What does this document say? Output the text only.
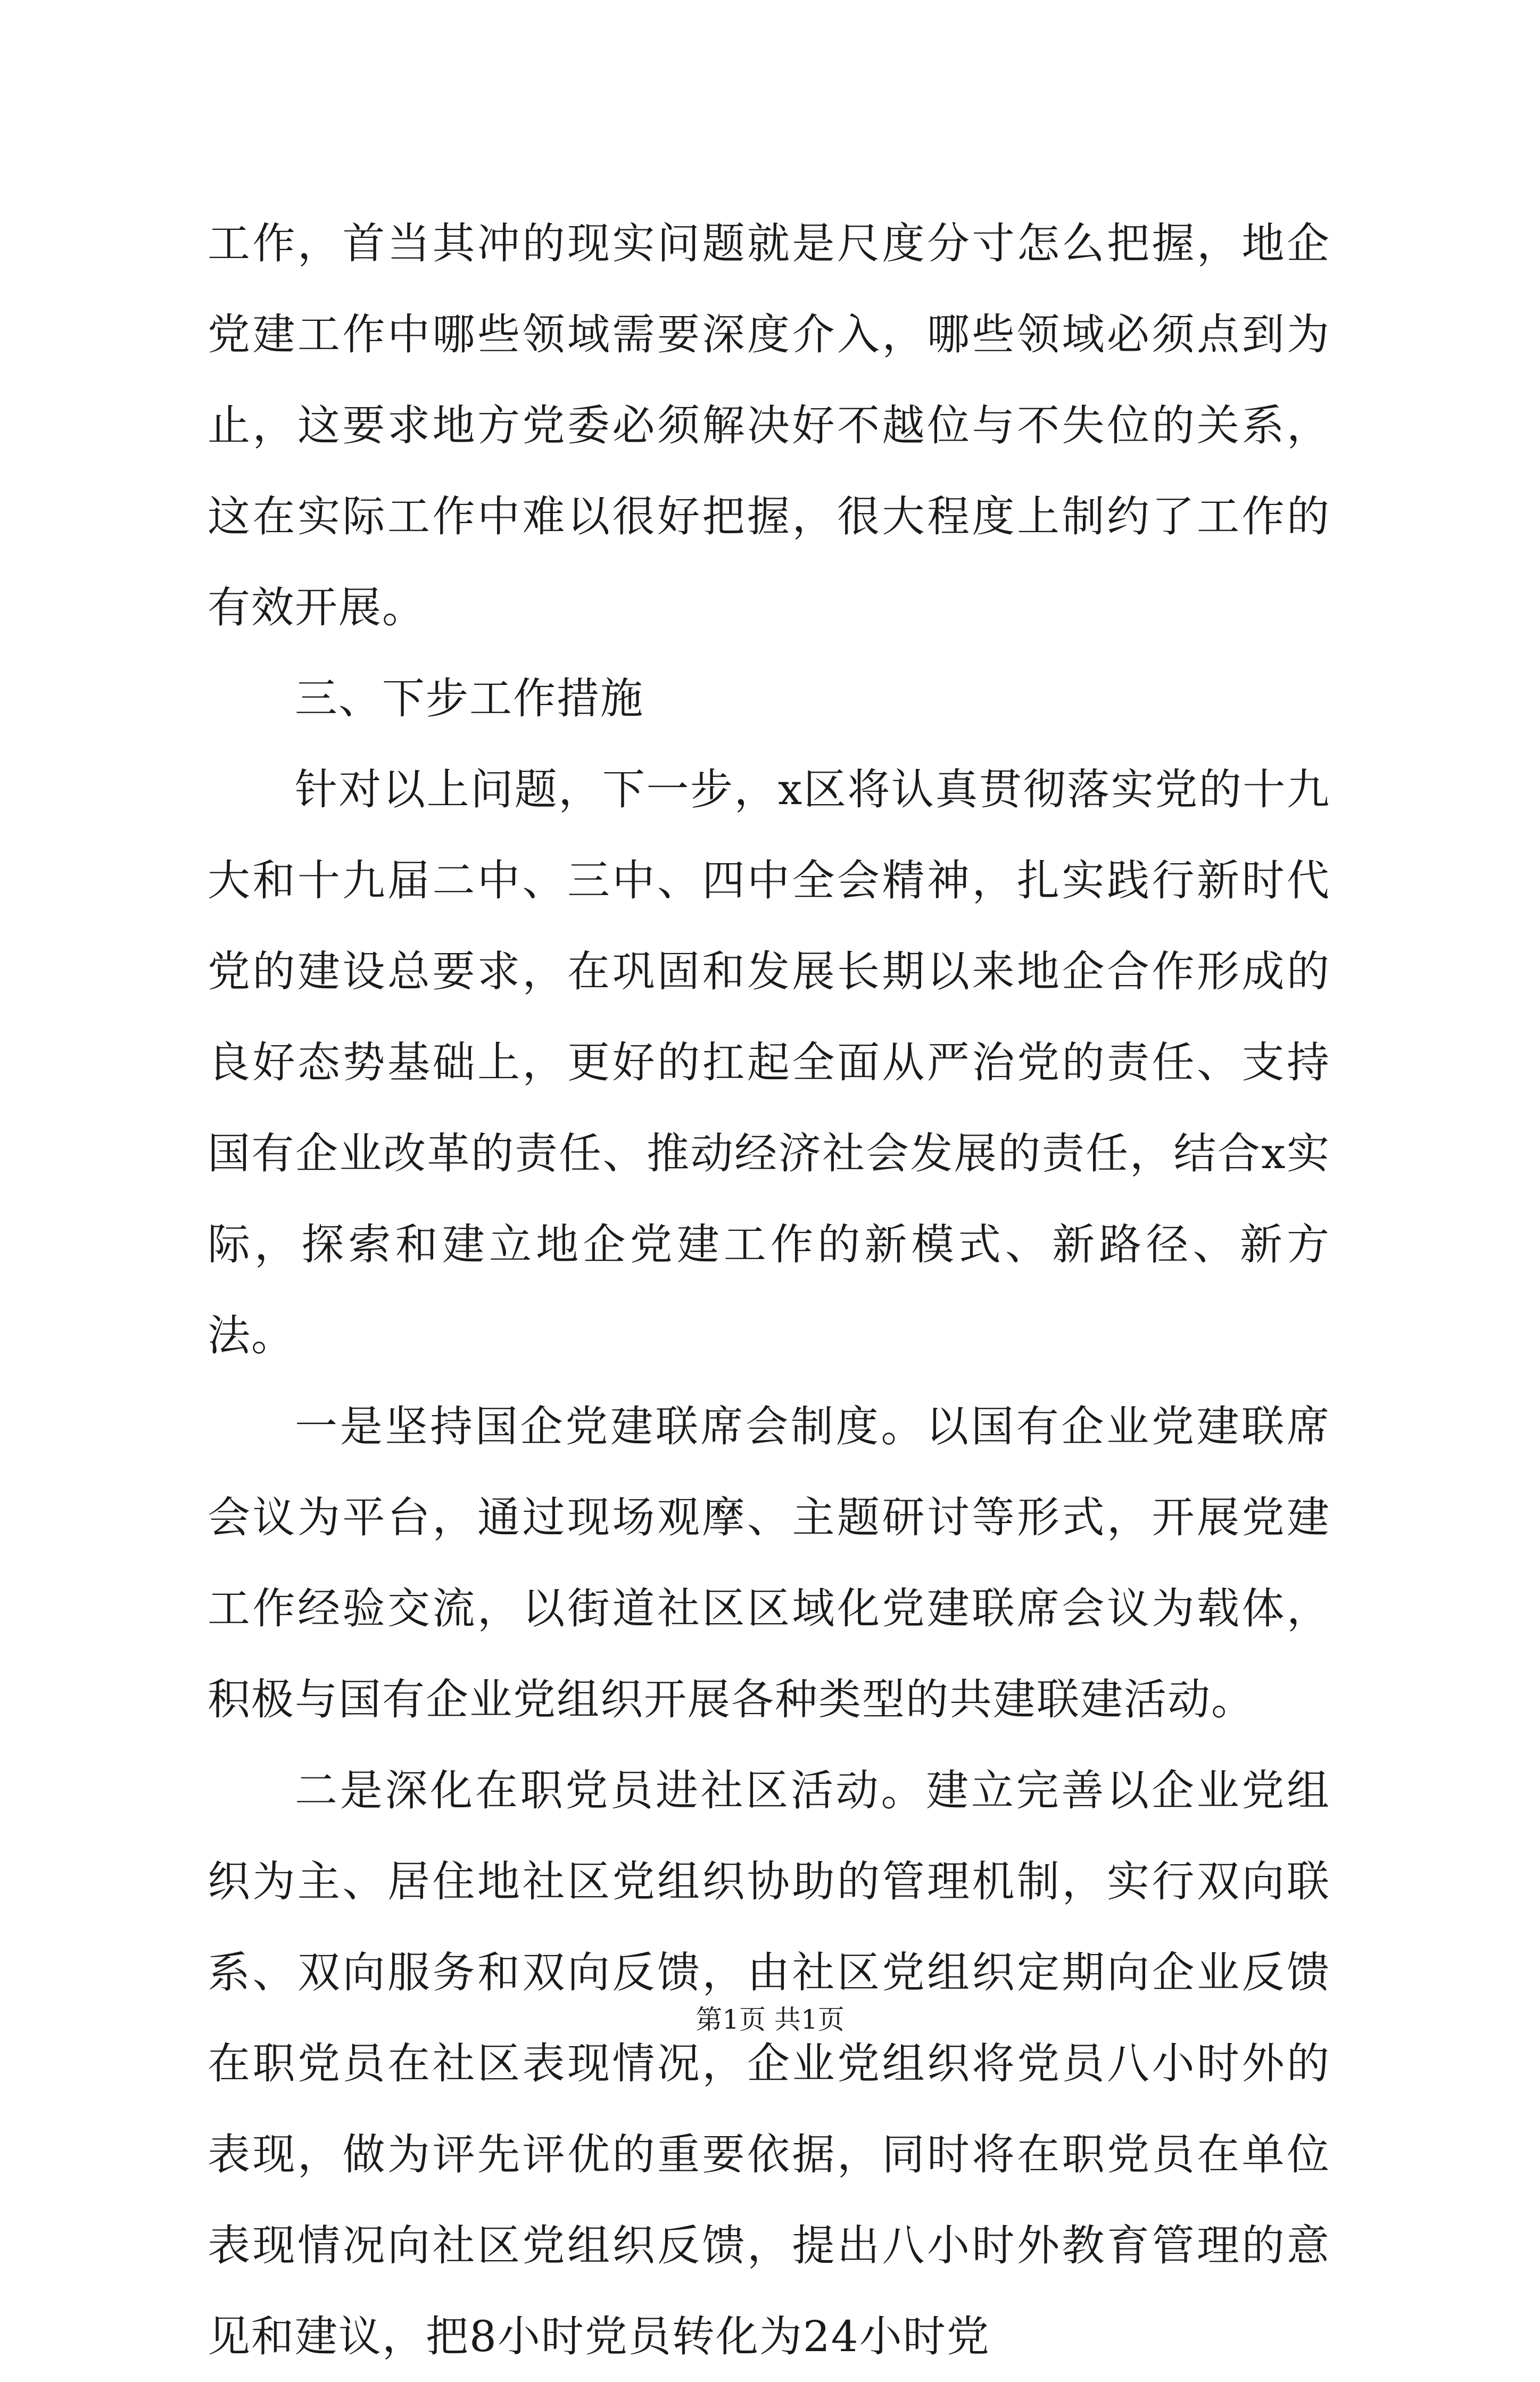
工作，首当其冲的现实问题就是尺度分寸怎么把握，地企党建工作中哪些领域需要深度介入，哪些领域必须点到为止，这要求地方党委必须解决好不越位与不失位的关系，这在实际工作中难以很好把握，很大程度上制约了工作的有效开展。

三、下步工作措施

针对以上问题，下一步，x区将认真贯彻落实党的十九大和十九届二中、三中、四中全会精神，扎实践行新时代党的建设总要求，在巩固和发展长期以来地企合作形成的良好态势基础上，更好的扛起全面从严治党的责任、支持国有企业改革的责任、推动经济社会发展的责任，结合x实际，探索和建立地企党建工作的新模式、新路径、新方法。

一是坚持国企党建联席会制度。以国有企业党建联席会议为平台，通过现场观摩、主题研讨等形式，开展党建工作经验交流，以街道社区区域化党建联席会议为载体，积极与国有企业党组织开展各种类型的共建联建活动。

二是深化在职党员进社区活动。建立完善以企业党组织为主、居住地社区党组织协助的管理机制，实行双向联系、双向服务和双向反馈，由社区党组织定期向企业反馈在职党员在社区表现情况，企业党组织将党员八小时外的表现，做为评先评优的重要依据，同时将在职党员在单位表现情况向社区党组织反馈，提出八小时外教育管理的意见和建议，把8小时党员转化为24小时党

第1页 共1页
